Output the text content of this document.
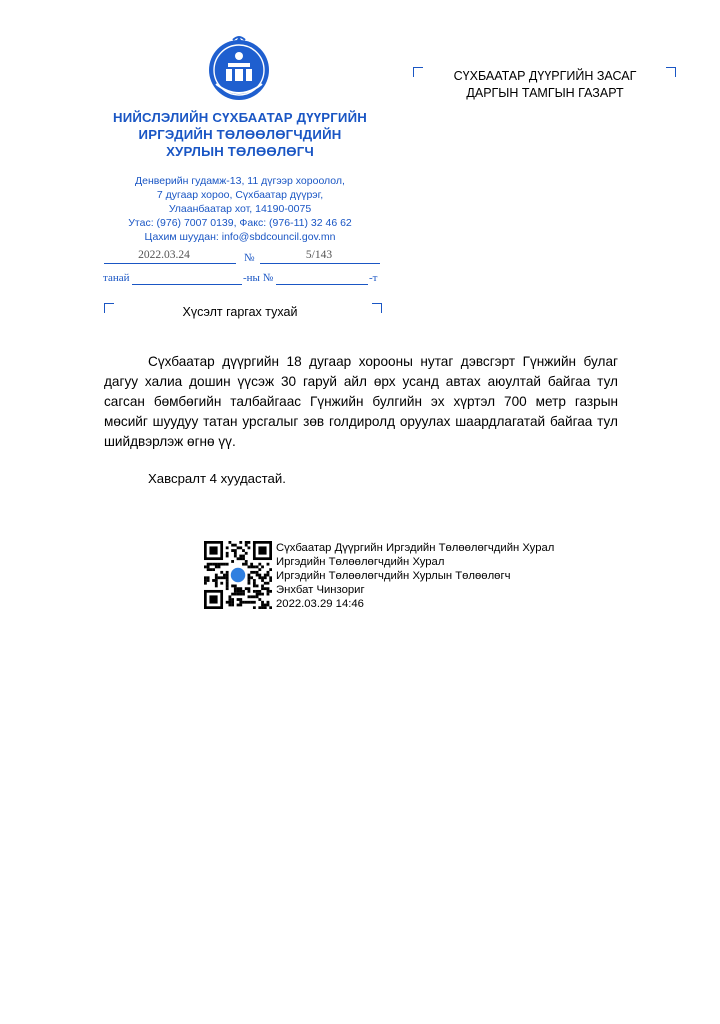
НИЙСЛЭЛИЙН СҮХБААТАР ДҮҮРГИЙН
ИРГЭДИЙН ТӨЛӨӨЛӨГЧДИЙН
ХУРЛЫН ТӨЛӨӨЛӨГЧ
Денверийн гудамж-13, 11 дүгээр хороолол,
7 дугаар хороо, Сүхбаатар дүүрэг,
Улаанбаатар хот, 14190-0075
Утас: (976) 7007 0139, Факс: (976-11) 32 46 62
Цахим шуудан: info@sbdcouncil.gov.mn
СҮХБААТАР ДҮҮРГИЙН ЗАСАГ
ДАРГЫН ТАМГЫН ГАЗАРТ
2022.03.24	№	5/143
танай	-ны №	-т
Хүсэлт гаргах тухай

Сүхбаатар дүүргийн 18 дугаар хорооны нутаг дэвсгэрт Гүнжийн булаг дагуу халиа дошин үүсэж 30 гаруй айл өрх усанд автах аюултай байгаа тул сагсан бөмбөгийн талбайгаас Гүнжийн булгийн эх хүртэл 700 метр газрын мөсийг шуудуу татан урсгалыг зөв голдиролд оруулах шаардлагатай байгаа тул шийдвэрлэж өгнө үү.

Хавсралт 4 хуудастай.
Сүхбаатар Дүүргийн Иргэдийн Төлөөлөгчдийн Хурал
Иргэдийн Төлөөлөгчдийн Хурал
Иргэдийн Төлөөлөгчдийн Хурлын Төлөөлөгч
Энхбат Чинзориг
2022.03.29 14:46
